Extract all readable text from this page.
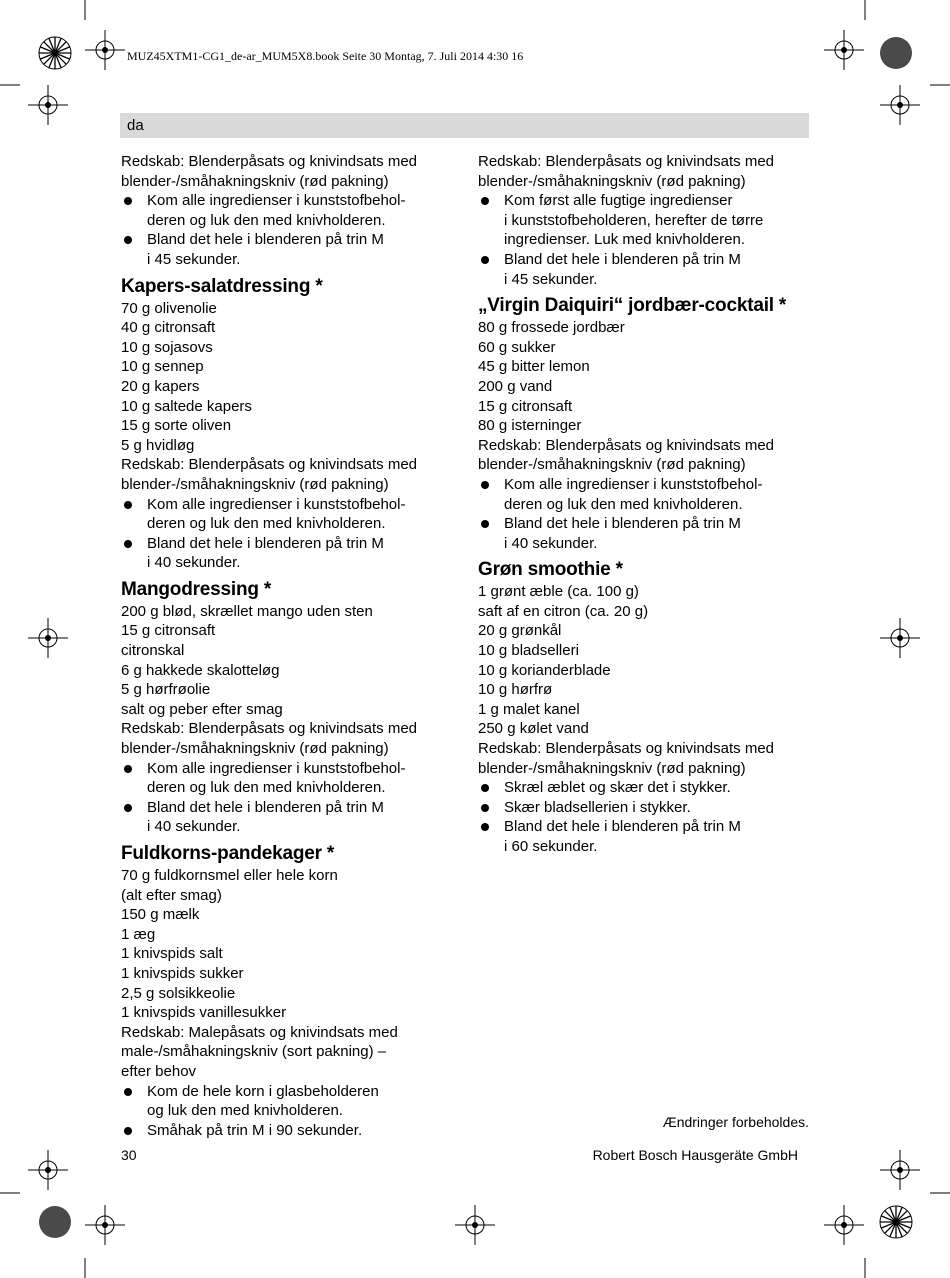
MUZ45XTM1-CG1_de-ar_MUM5X8.book Seite 30 Montag, 7. Juli 2014 4:30 16
da

Redskab: Blenderpåsats og knivindsats med

blender-/småhakningskniv (rød pakning)

Kom alle ingredienser i kunststofbehol-
deren og luk den med knivholderen.

Bland det hele i blenderen på trin M
i 45 sekunder.

Kapers-salatdressing *

70 g olivenolie

40 g citronsaft

10 g sojasovs

10 g sennep

20 g kapers

10 g saltede kapers

15 g sorte oliven

5 g hvidløg

Redskab: Blenderpåsats og knivindsats med

blender-/småhakningskniv (rød pakning)

Kom alle ingredienser i kunststofbehol-
deren og luk den med knivholderen.

Bland det hele i blenderen på trin M
i 40 sekunder.

Mangodressing *

200 g blød, skrællet mango uden sten

15 g citronsaft

citronskal

6 g hakkede skalotteløg

5 g hørfrøolie

salt og peber efter smag

Redskab: Blenderpåsats og knivindsats med

blender-/småhakningskniv (rød pakning)

Kom alle ingredienser i kunststofbehol-
deren og luk den med knivholderen.

Bland det hele i blenderen på trin M
i 40 sekunder.

Fuldkorns-pandekager *

70 g fuldkornsmel eller hele korn

(alt efter smag)

150 g mælk

1 æg

1 knivspids salt

1 knivspids sukker

2,5 g solsikkeolie

1 knivspids vanillesukker

Redskab: Malepåsats og knivindsats med

male-/småhakningskniv (sort pakning) –

efter behov

Kom de hele korn i glasbeholderen
og luk den med knivholderen.

Småhak på trin M i 90 sekunder.

Redskab: Blenderpåsats og knivindsats med

blender-/småhakningskniv (rød pakning)

Kom først alle fugtige ingredienser
i kunststofbeholderen, herefter de tørre
ingredienser. Luk med knivholderen.

Bland det hele i blenderen på trin M
i 45 sekunder.

„Virgin Daiquiri“ jordbær-cocktail *

80 g frossede jordbær

60 g sukker

45 g bitter lemon

200 g vand

15 g citronsaft

80 g isterninger

Redskab: Blenderpåsats og knivindsats med

blender-/småhakningskniv (rød pakning)

Kom alle ingredienser i kunststofbehol-
deren og luk den med knivholderen.

Bland det hele i blenderen på trin M
i 40 sekunder.

Grøn smoothie *

1 grønt æble (ca. 100 g)

saft af en citron (ca. 20 g)

20 g grønkål

10 g bladselleri

10 g korianderblade

10 g hørfrø

1 g malet kanel

250 g kølet vand

Redskab: Blenderpåsats og knivindsats med

blender-/småhakningskniv (rød pakning)

Skræl æblet og skær det i stykker.

Skær bladsellerien i stykker.

Bland det hele i blenderen på trin M
i 60 sekunder.

Ændringer forbeholdes.
30	Robert Bosch Hausgeräte GmbH
